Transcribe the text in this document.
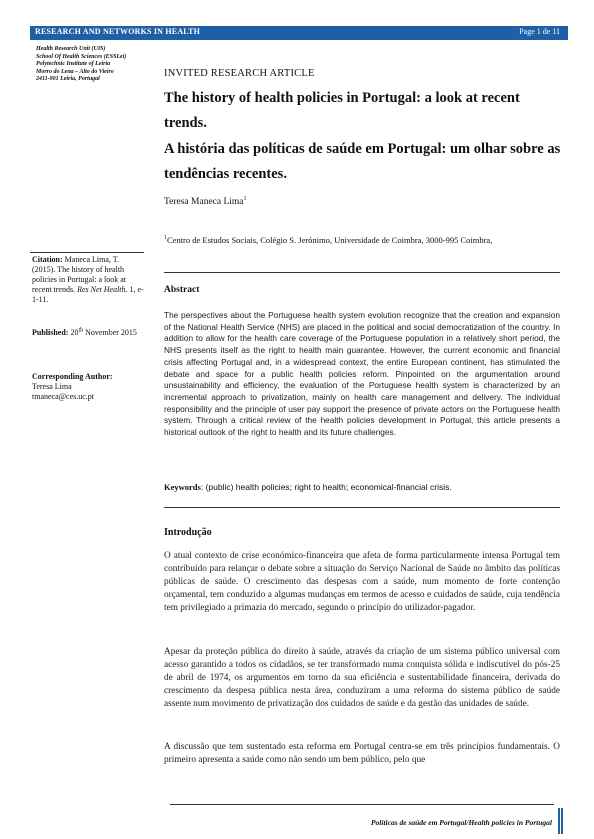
RESEARCH AND NETWORKS IN HEALTH	Page 1 de 11
Health Research Unit (UIS)
School Of Health Sciences (ESSLei)
Polytechnic Institute of Leiria
Morro do Lena – Alto do Vieiro
2411-901 Leiria, Portugal	INVITED RESEARCH ARTICLE
The history of health policies in Portugal: a look at recent trends.
A história das políticas de saúde em Portugal: um olhar sobre as tendências recentes.
Teresa Maneca Lima$^1$
$^1$Centro de Estudos Sociais, Colégio S. Jerónimo, Universidade de Coimbra, 3000-995 Coimbra,
Citation: Maneca Lima, T. (2015). The history of health policies in Portugal: a look at recent trends. Res Net Health. 1, e-1-11.
Published: 20th November 2015
Corresponding Author:
Teresa Lima
tmaneca@ces.uc.pt
Abstract
The perspectives about the Portuguese health system evolution recognize that the creation and expansion of the National Health Service (NHS) are placed in the political and social democratization of the country. In addition to allow for the health care coverage of the Portuguese population in a relatively short period, the NHS presents itself as the right to health main guarantee. However, the current economic and financial crisis affecting Portugal and, in a widespread context, the entire European continent, has stimulated the debate and space for a public health policies reform. Pinpointed on the argumentation around unsustainability and efficiency, the evaluation of the Portuguese health system is characterized by an incremental approach to privatization, mainly on health care management and delivery. The individual responsibility and the principle of user pay support the presence of private actors on the Portuguese health system. Through a critical review of the health policies development in Portugal, this article presents a historical outlook of the right to health and its future challenges.
Keywords: (public) health policies; right to health; economical-financial crisis.
Introdução
O atual contexto de crise económico-financeira que afeta de forma particularmente intensa Portugal tem contribuído para relançar o debate sobre a situação do Serviço Nacional de Saúde no âmbito das políticas públicas de saúde. O crescimento das despesas com a saúde, num momento de forte contenção orçamental, tem conduzido a algumas mudanças em termos de acesso e cuidados de saúde, cuja tendência tem privilegiado a primazia do mercado, segundo o princípio do utilizador-pagador.
Apesar da proteção pública do direito à saúde, através da criação de um sistema público universal com acesso garantido a todos os cidadãos, se ter transformado numa conquista sólida e indiscutível do pós-25 de abril de 1974, os argumentos em torno da sua eficiência e sustentabilidade financeira, derivada do crescimento da despesa pública nesta área, conduziram a uma reforma do sistema público de saúde assente num movimento de privatização dos cuidados de saúde e da gestão das unidades de saúde.
A discussão que tem sustentado esta reforma em Portugal centra-se em três princípios fundamentais. O primeiro apresenta a saúde como não sendo um bem público, pelo que
Políticas de saúde em Portugal/Health policies in Portugal
